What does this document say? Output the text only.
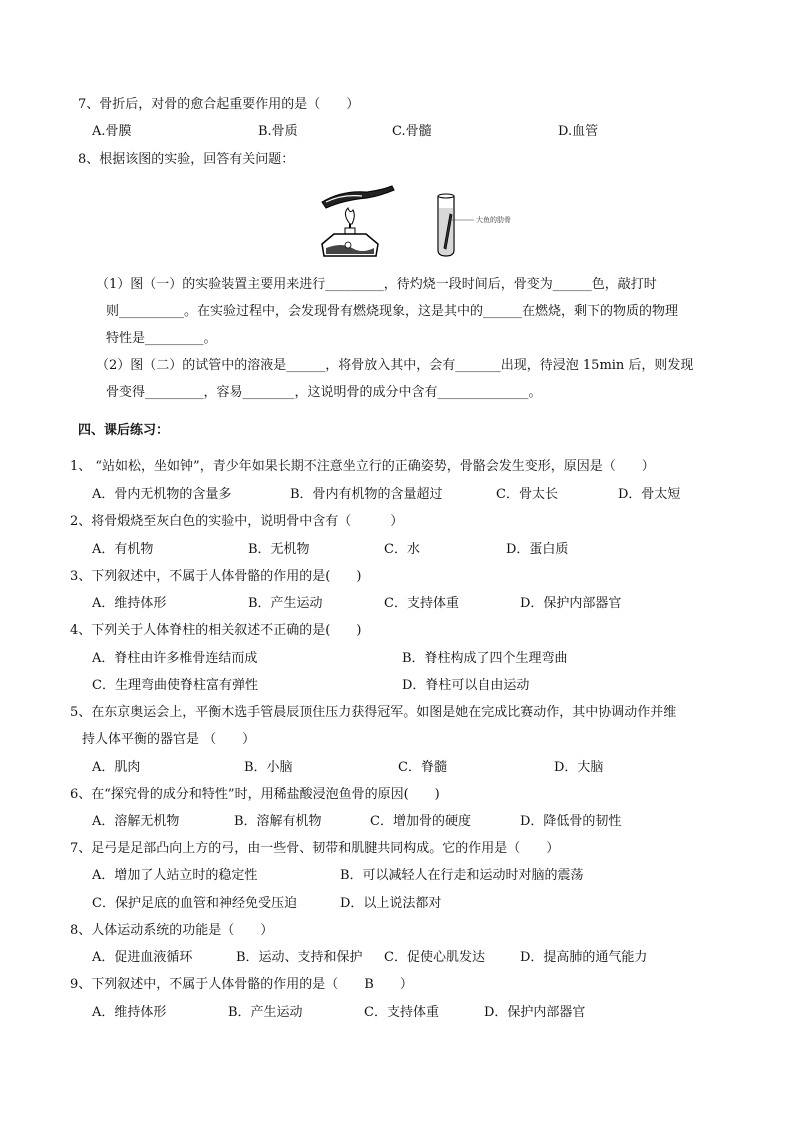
7、骨折后，对骨的愈合起重要作用的是（　　）
A.骨膜	B.骨质	C.骨髓	D.血管
8、根据该图的实验，回答有关问题：
大鱼的肋骨
（1）图（一）的实验装置主要用来进行_________，待灼烧一段时间后，骨变为______色，敲打时
则__________。在实验过程中，会发现骨有燃烧现象，这是其中的______在燃烧，剩下的物质的物理
特性是_________。
（2）图（二）的试管中的溶液是______，将骨放入其中，会有_______出现，待浸泡 15min 后，则发现
骨变得_________，容易________，这说明骨的成分中含有______________。
四、课后练习：
1、 “站如松，坐如钟”，青少年如果长期不注意坐立行的正确姿势，骨骼会发生变形，原因是（　　）
A．骨内无机物的含量多	B．骨内有机物的含量超过	C．骨太长	D．骨太短
2、将骨煅烧至灰白色的实验中，说明骨中含有（　　　）
A．有机物	B．无机物	C．水	D．蛋白质
3、下列叙述中，不属于人体骨骼的作用的是(　　)
A．维持体形	B．产生运动	C．支持体重	D．保护内部器官
4、下列关于人体脊柱的相关叙述不正确的是(　　)
A．脊柱由许多椎骨连结而成	B．脊柱构成了四个生理弯曲
C．生理弯曲使脊柱富有弹性	D．脊柱可以自由运动
5、在东京奥运会上，平衡木选手管晨辰顶住压力获得冠军。如图是她在完成比赛动作，其中协调动作并维
持人体平衡的器官是 （　　）
A．肌肉	B．小脑	C．脊髓	D．大脑
6、在“探究骨的成分和特性”时，用稀盐酸浸泡鱼骨的原因(　　)
A．溶解无机物	B．溶解有机物	C．增加骨的硬度	D．降低骨的韧性
7、足弓是足部凸向上方的弓，由一些骨、韧带和肌腱共同构成。它的作用是（　　）
A．增加了人站立时的稳定性	B．可以减轻人在行走和运动时对脑的震荡
C．保护足底的血管和神经免受压迫	D．以上说法都对
8、人体运动系统的功能是（　　）
A．促进血液循环	B．运动、支持和保护 C．促使心肌发达	D．提高肺的通气能力
9、下列叙述中，不属于人体骨骼的作用的是（　　B　　）
A．维持体形	B．产生运动	C．支持体重	D．保护内部器官
